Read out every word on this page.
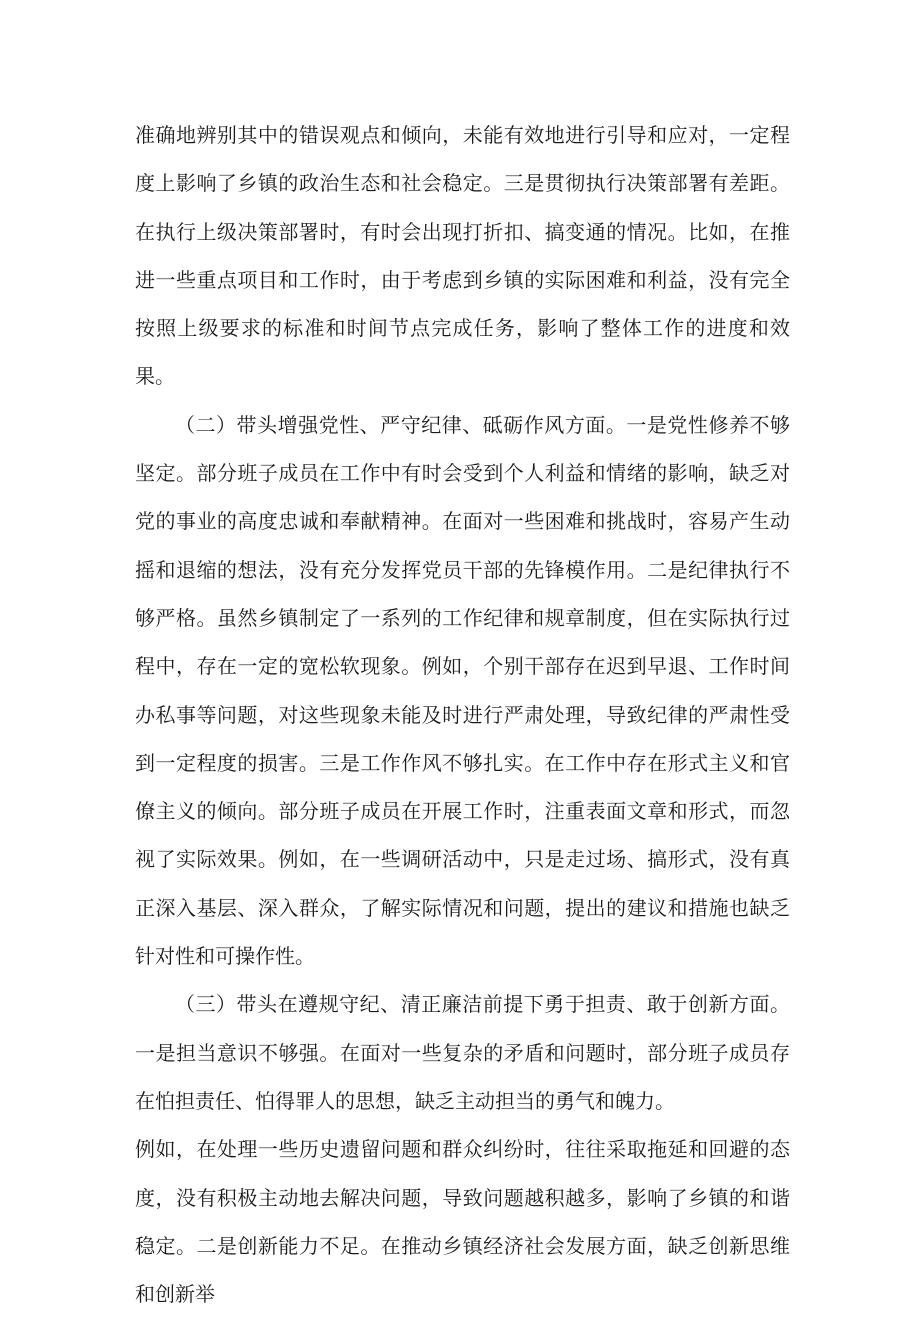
准确地辨别其中的错误观点和倾向，未能有效地进行引导和应对，一定程度上影响了乡镇的政治生态和社会稳定。三是贯彻执行决策部署有差距。在执行上级决策部署时，有时会出现打折扣、搞变通的情况。比如，在推进一些重点项目和工作时，由于考虑到乡镇的实际困难和利益，没有完全按照上级要求的标准和时间节点完成任务，影响了整体工作的进度和效果。

（二）带头增强党性、严守纪律、砥砺作风方面。一是党性修养不够坚定。部分班子成员在工作中有时会受到个人利益和情绪的影响，缺乏对党的事业的高度忠诚和奉献精神。在面对一些困难和挑战时，容易产生动摇和退缩的想法，没有充分发挥党员干部的先锋模作用。二是纪律执行不够严格。虽然乡镇制定了一系列的工作纪律和规章制度，但在实际执行过程中，存在一定的宽松软现象。例如，个别干部存在迟到早退、工作时间办私事等问题，对这些现象未能及时进行严肃处理，导致纪律的严肃性受到一定程度的损害。三是工作作风不够扎实。在工作中存在形式主义和官僚主义的倾向。部分班子成员在开展工作时，注重表面文章和形式，而忽视了实际效果。例如，在一些调研活动中，只是走过场、搞形式，没有真正深入基层、深入群众，了解实际情况和问题，提出的建议和措施也缺乏针对性和可操作性。

（三）带头在遵规守纪、清正廉洁前提下勇于担责、敢于创新方面。一是担当意识不够强。在面对一些复杂的矛盾和问题时，部分班子成员存在怕担责任、怕得罪人的思想，缺乏主动担当的勇气和魄力。

例如，在处理一些历史遗留问题和群众纠纷时，往往采取拖延和回避的态度，没有积极主动地去解决问题，导致问题越积越多，影响了乡镇的和谐稳定。二是创新能力不足。在推动乡镇经济社会发展方面，缺乏创新思维和创新举
